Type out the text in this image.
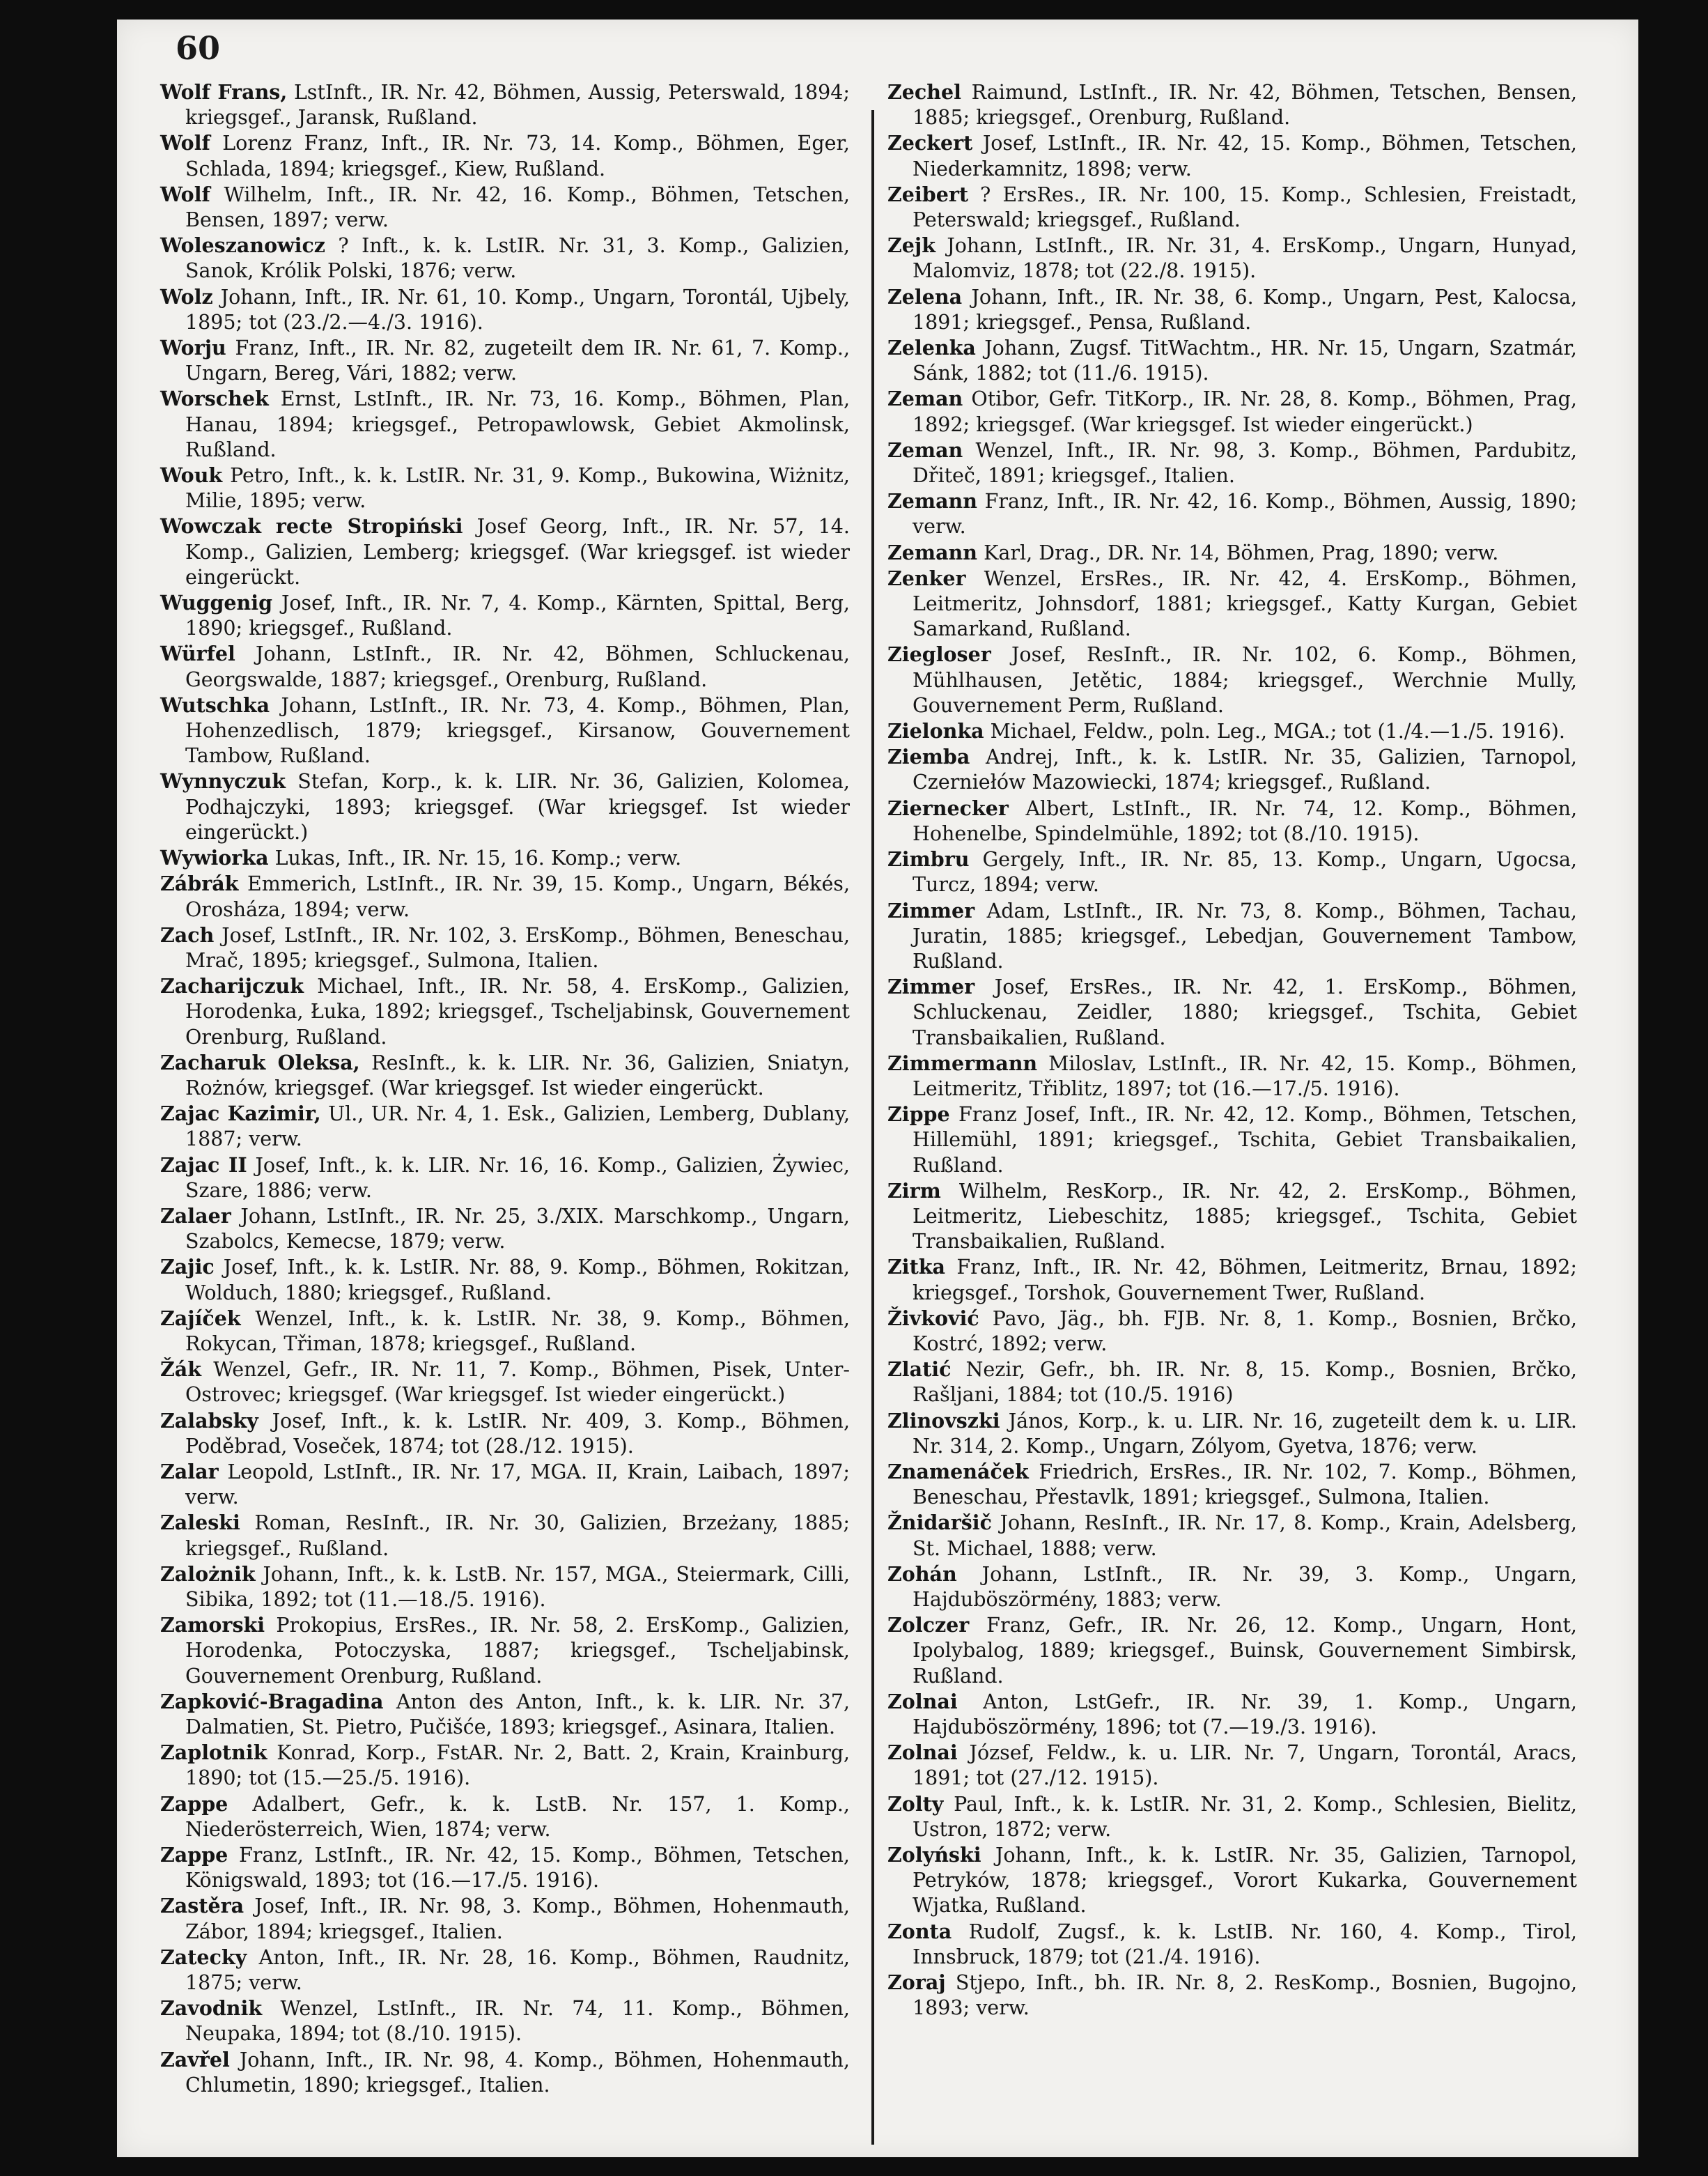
60

Wolf Frans, LstInft., IR. Nr. 42, Böhmen, Aussig, Peterswald, 1894; kriegsgef., Jaransk, Rußland.

Wolf Lorenz Franz, Inft., IR. Nr. 73, 14. Komp., Böhmen, Eger, Schlada, 1894; kriegsgef., Kiew, Rußland.

Wolf Wilhelm, Inft., IR. Nr. 42, 16. Komp., Böhmen, Tetschen, Bensen, 1897; verw.

Woleszanowicz ? Inft., k. k. LstIR. Nr. 31, 3. Komp., Galizien, Sanok, Królik Polski, 1876; verw.

Wolz Johann, Inft., IR. Nr. 61, 10. Komp., Ungarn, Torontál, Ujbely, 1895; tot (23./2.—4./3. 1916).

Worju Franz, Inft., IR. Nr. 82, zugeteilt dem IR. Nr. 61, 7. Komp., Ungarn, Bereg, Vári, 1882; verw.

Worschek Ernst, LstInft., IR. Nr. 73, 16. Komp., Böhmen, Plan, Hanau, 1894; kriegsgef., Petropawlowsk, Gebiet Akmolinsk, Rußland.

Wouk Petro, Inft., k. k. LstIR. Nr. 31, 9. Komp., Bukowina, Wiżnitz, Milie, 1895; verw.

Wowczak recte Stropiński Josef Georg, Inft., IR. Nr. 57, 14. Komp., Galizien, Lemberg; kriegsgef. (War kriegsgef. ist wieder eingerückt.

Wuggenig Josef, Inft., IR. Nr. 7, 4. Komp., Kärnten, Spittal, Berg, 1890; kriegsgef., Rußland.

Würfel Johann, LstInft., IR. Nr. 42, Böhmen, Schluckenau, Georgswalde, 1887; kriegsgef., Orenburg, Rußland.

Wutschka Johann, LstInft., IR. Nr. 73, 4. Komp., Böhmen, Plan, Hohenzedlisch, 1879; kriegsgef., Kirsanow, Gouvernement Tambow, Rußland.

Wynnyczuk Stefan, Korp., k. k. LIR. Nr. 36, Galizien, Kolomea, Podhajczyki, 1893; kriegsgef. (War kriegsgef. Ist wieder eingerückt.)

Wywiorka Lukas, Inft., IR. Nr. 15, 16. Komp.; verw.

Zábrák Emmerich, LstInft., IR. Nr. 39, 15. Komp., Ungarn, Békés, Orosháza, 1894; verw.

Zach Josef, LstInft., IR. Nr. 102, 3. ErsKomp., Böhmen, Beneschau, Mrač, 1895; kriegsgef., Sulmona, Italien.

Zacharijczuk Michael, Inft., IR. Nr. 58, 4. ErsKomp., Galizien, Horodenka, Łuka, 1892; kriegsgef., Tscheljabinsk, Gouvernement Orenburg, Rußland.

Zacharuk Oleksa, ResInft., k. k. LIR. Nr. 36, Galizien, Sniatyn, Rożnów, kriegsgef. (War kriegsgef. Ist wieder eingerückt.

Zajac Kazimir, Ul., UR. Nr. 4, 1. Esk., Galizien, Lemberg, Dublany, 1887; verw.

Zajac II Josef, Inft., k. k. LIR. Nr. 16, 16. Komp., Galizien, Żywiec, Szare, 1886; verw.

Zalaer Johann, LstInft., IR. Nr. 25, 3./XIX. Marschkomp., Ungarn, Szabolcs, Kemecse, 1879; verw.

Zajic Josef, Inft., k. k. LstIR. Nr. 88, 9. Komp., Böhmen, Rokitzan, Wolduch, 1880; kriegsgef., Rußland.

Zajíček Wenzel, Inft., k. k. LstIR. Nr. 38, 9. Komp., Böhmen, Rokycan, Třiman, 1878; kriegsgef., Rußland.

Žák Wenzel, Gefr., IR. Nr. 11, 7. Komp., Böhmen, Pisek, Unter-Ostrovec; kriegsgef. (War kriegsgef. Ist wieder eingerückt.)

Zalabsky Josef, Inft., k. k. LstIR. Nr. 409, 3. Komp., Böhmen, Poděbrad, Voseček, 1874; tot (28./12. 1915).

Zalar Leopold, LstInft., IR. Nr. 17, MGA. II, Krain, Laibach, 1897; verw.

Zaleski Roman, ResInft., IR. Nr. 30, Galizien, Brzeżany, 1885; kriegsgef., Rußland.

Zalożnik Johann, Inft., k. k. LstB. Nr. 157, MGA., Steiermark, Cilli, Sibika, 1892; tot (11.—18./5. 1916).

Zamorski Prokopius, ErsRes., IR. Nr. 58, 2. ErsKomp., Galizien, Horodenka, Potoczyska, 1887; kriegsgef., Tscheljabinsk, Gouvernement Orenburg, Rußland.

Zapković-Bragadina Anton des Anton, Inft., k. k. LIR. Nr. 37, Dalmatien, St. Pietro, Pučišće, 1893; kriegsgef., Asinara, Italien.

Zaplotnik Konrad, Korp., FstAR. Nr. 2, Batt. 2, Krain, Krainburg, 1890; tot (15.—25./5. 1916).

Zappe Adalbert, Gefr., k. k. LstB. Nr. 157, 1. Komp., Niederösterreich, Wien, 1874; verw.

Zappe Franz, LstInft., IR. Nr. 42, 15. Komp., Böhmen, Tetschen, Königswald, 1893; tot (16.—17./5. 1916).

Zastěra Josef, Inft., IR. Nr. 98, 3. Komp., Böhmen, Hohenmauth, Zábor, 1894; kriegsgef., Italien.

Zatecky Anton, Inft., IR. Nr. 28, 16. Komp., Böhmen, Raudnitz, 1875; verw.

Zavodnik Wenzel, LstInft., IR. Nr. 74, 11. Komp., Böhmen, Neupaka, 1894; tot (8./10. 1915).

Zavřel Johann, Inft., IR. Nr. 98, 4. Komp., Böhmen, Hohenmauth, Chlumetin, 1890; kriegsgef., Italien.

Zechel Raimund, LstInft., IR. Nr. 42, Böhmen, Tetschen, Bensen, 1885; kriegsgef., Orenburg, Rußland.

Zeckert Josef, LstInft., IR. Nr. 42, 15. Komp., Böhmen, Tetschen, Niederkamnitz, 1898; verw.

Zeibert ? ErsRes., IR. Nr. 100, 15. Komp., Schlesien, Freistadt, Peterswald; kriegsgef., Rußland.

Zejk Johann, LstInft., IR. Nr. 31, 4. ErsKomp., Ungarn, Hunyad, Malomviz, 1878; tot (22./8. 1915).

Zelena Johann, Inft., IR. Nr. 38, 6. Komp., Ungarn, Pest, Kalocsa, 1891; kriegsgef., Pensa, Rußland.

Zelenka Johann, Zugsf. TitWachtm., HR. Nr. 15, Ungarn, Szatmár, Sánk, 1882; tot (11./6. 1915).

Zeman Otibor, Gefr. TitKorp., IR. Nr. 28, 8. Komp., Böhmen, Prag, 1892; kriegsgef. (War kriegsgef. Ist wieder eingerückt.)

Zeman Wenzel, Inft., IR. Nr. 98, 3. Komp., Böhmen, Pardubitz, Dřiteč, 1891; kriegsgef., Italien.

Zemann Franz, Inft., IR. Nr. 42, 16. Komp., Böhmen, Aussig, 1890; verw.

Zemann Karl, Drag., DR. Nr. 14, Böhmen, Prag, 1890; verw.

Zenker Wenzel, ErsRes., IR. Nr. 42, 4. ErsKomp., Böhmen, Leitmeritz, Johnsdorf, 1881; kriegsgef., Katty Kurgan, Gebiet Samarkand, Rußland.

Ziegloser Josef, ResInft., IR. Nr. 102, 6. Komp., Böhmen, Mühlhausen, Jetětic, 1884; kriegsgef., Werchnie Mully, Gouvernement Perm, Rußland.

Zielonka Michael, Feldw., poln. Leg., MGA.; tot (1./4.—1./5. 1916).

Ziemba Andrej, Inft., k. k. LstIR. Nr. 35, Galizien, Tarnopol, Czerniełów Mazowiecki, 1874; kriegsgef., Rußland.

Ziernecker Albert, LstInft., IR. Nr. 74, 12. Komp., Böhmen, Hohenelbe, Spindelmühle, 1892; tot (8./10. 1915).

Zimbru Gergely, Inft., IR. Nr. 85, 13. Komp., Ungarn, Ugocsa, Turcz, 1894; verw.

Zimmer Adam, LstInft., IR. Nr. 73, 8. Komp., Böhmen, Tachau, Juratin, 1885; kriegsgef., Lebedjan, Gouvernement Tambow, Rußland.

Zimmer Josef, ErsRes., IR. Nr. 42, 1. ErsKomp., Böhmen, Schluckenau, Zeidler, 1880; kriegsgef., Tschita, Gebiet Transbaikalien, Rußland.

Zimmermann Miloslav, LstInft., IR. Nr. 42, 15. Komp., Böhmen, Leitmeritz, Třiblitz, 1897; tot (16.—17./5. 1916).

Zippe Franz Josef, Inft., IR. Nr. 42, 12. Komp., Böhmen, Tetschen, Hillemühl, 1891; kriegsgef., Tschita, Gebiet Transbaikalien, Rußland.

Zirm Wilhelm, ResKorp., IR. Nr. 42, 2. ErsKomp., Böhmen, Leitmeritz, Liebeschitz, 1885; kriegsgef., Tschita, Gebiet Transbaikalien, Rußland.

Zitka Franz, Inft., IR. Nr. 42, Böhmen, Leitmeritz, Brnau, 1892; kriegsgef., Torshok, Gouvernement Twer, Rußland.

Živković Pavo, Jäg., bh. FJB. Nr. 8, 1. Komp., Bosnien, Brčko, Kostrć, 1892; verw.

Zlatić Nezir, Gefr., bh. IR. Nr. 8, 15. Komp., Bosnien, Brčko, Rašljani, 1884; tot (10./5. 1916)

Zlinovszki János, Korp., k. u. LIR. Nr. 16, zugeteilt dem k. u. LIR. Nr. 314, 2. Komp., Ungarn, Zólyom, Gyetva, 1876; verw.

Znamenáček Friedrich, ErsRes., IR. Nr. 102, 7. Komp., Böhmen, Beneschau, Přestavlk, 1891; kriegsgef., Sulmona, Italien.

Žnidaršič Johann, ResInft., IR. Nr. 17, 8. Komp., Krain, Adelsberg, St. Michael, 1888; verw.

Zohán Johann, LstInft., IR. Nr. 39, 3. Komp., Ungarn, Hajduböszörmény, 1883; verw.

Zolczer Franz, Gefr., IR. Nr. 26, 12. Komp., Ungarn, Hont, Ipolybalog, 1889; kriegsgef., Buinsk, Gouvernement Simbirsk, Rußland.

Zolnai Anton, LstGefr., IR. Nr. 39, 1. Komp., Ungarn, Hajduböszörmény, 1896; tot (7.—19./3. 1916).

Zolnai József, Feldw., k. u. LIR. Nr. 7, Ungarn, Torontál, Aracs, 1891; tot (27./12. 1915).

Zolty Paul, Inft., k. k. LstIR. Nr. 31, 2. Komp., Schlesien, Bielitz, Ustron, 1872; verw.

Zolyński Johann, Inft., k. k. LstIR. Nr. 35, Galizien, Tarnopol, Petryków, 1878; kriegsgef., Vorort Kukarka, Gouvernement Wjatka, Rußland.

Zonta Rudolf, Zugsf., k. k. LstIB. Nr. 160, 4. Komp., Tirol, Innsbruck, 1879; tot (21./4. 1916).

Zoraj Stjepo, Inft., bh. IR. Nr. 8, 2. ResKomp., Bosnien, Bugojno, 1893; verw.
